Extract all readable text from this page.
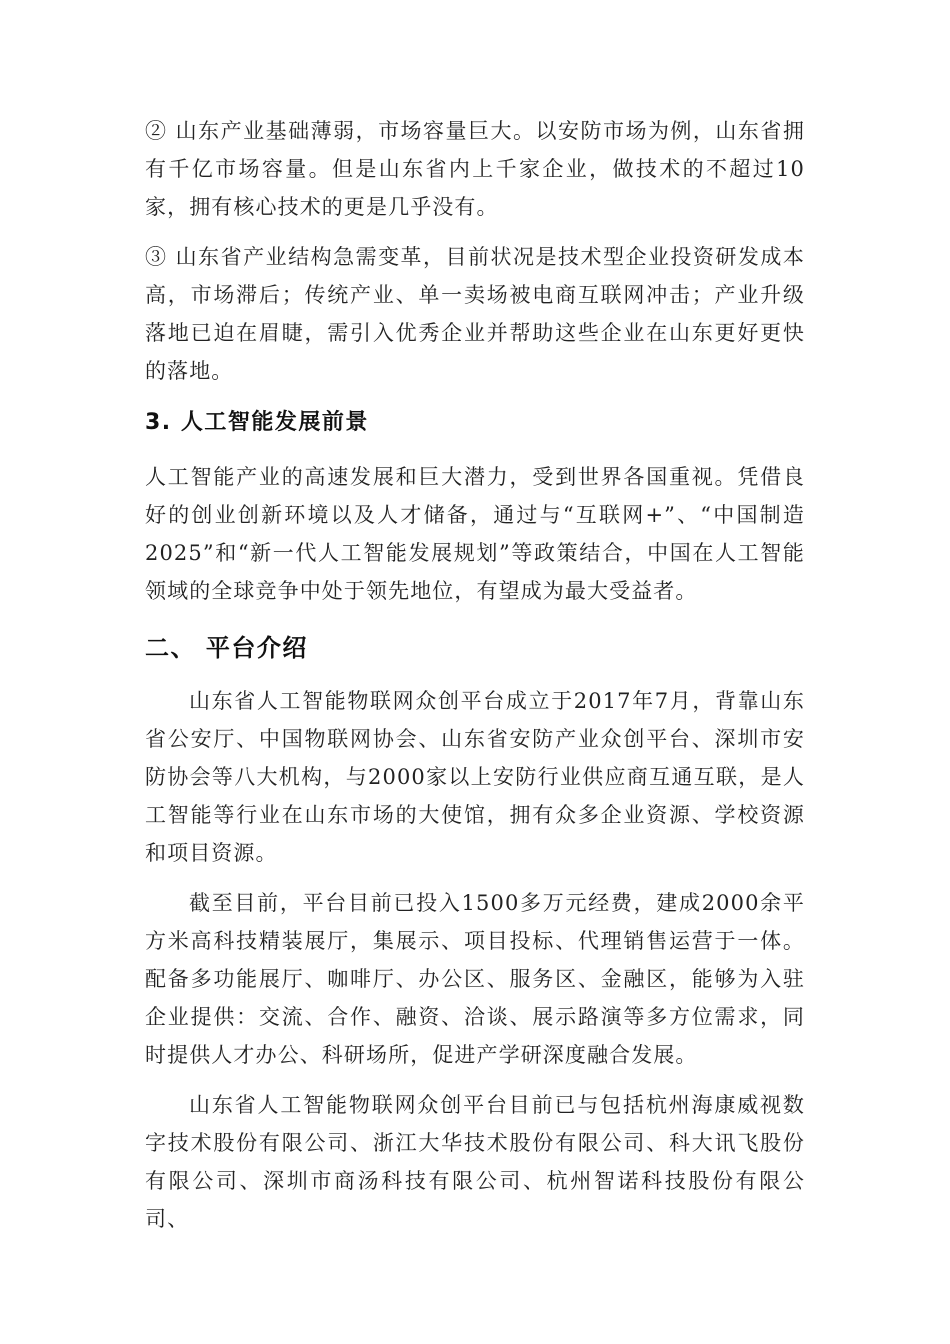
② 山东产业基础薄弱，市场容量巨大。以安防市场为例，山东省拥有千亿市场容量。但是山东省内上千家企业，做技术的不超过10家，拥有核心技术的更是几乎没有。

③ 山东省产业结构急需变革，目前状况是技术型企业投资研发成本高，市场滞后；传统产业、单一卖场被电商互联网冲击；产业升级落地已迫在眉睫，需引入优秀企业并帮助这些企业在山东更好更快的落地。

3. 人工智能发展前景

人工智能产业的高速发展和巨大潜力，受到世界各国重视。凭借良好的创业创新环境以及人才储备，通过与“互联网+”、“中国制造2025”和“新一代人工智能发展规划”等政策结合，中国在人工智能领域的全球竞争中处于领先地位，有望成为最大受益者。

二、 平台介绍

山东省人工智能物联网众创平台成立于2017年7月，背靠山东省公安厅、中国物联网协会、山东省安防产业众创平台、深圳市安防协会等八大机构，与2000家以上安防行业供应商互通互联，是人工智能等行业在山东市场的大使馆，拥有众多企业资源、学校资源和项目资源。

截至目前，平台目前已投入1500多万元经费，建成2000余平方米高科技精装展厅，集展示、项目投标、代理销售运营于一体。配备多功能展厅、咖啡厅、办公区、服务区、金融区，能够为入驻企业提供：交流、合作、融资、洽谈、展示路演等多方位需求，同时提供人才办公、科研场所，促进产学研深度融合发展。

山东省人工智能物联网众创平台目前已与包括杭州海康威视数字技术股份有限公司、浙江大华技术股份有限公司、科大讯飞股份有限公司、深圳市商汤科技有限公司、杭州智诺科技股份有限公司、
